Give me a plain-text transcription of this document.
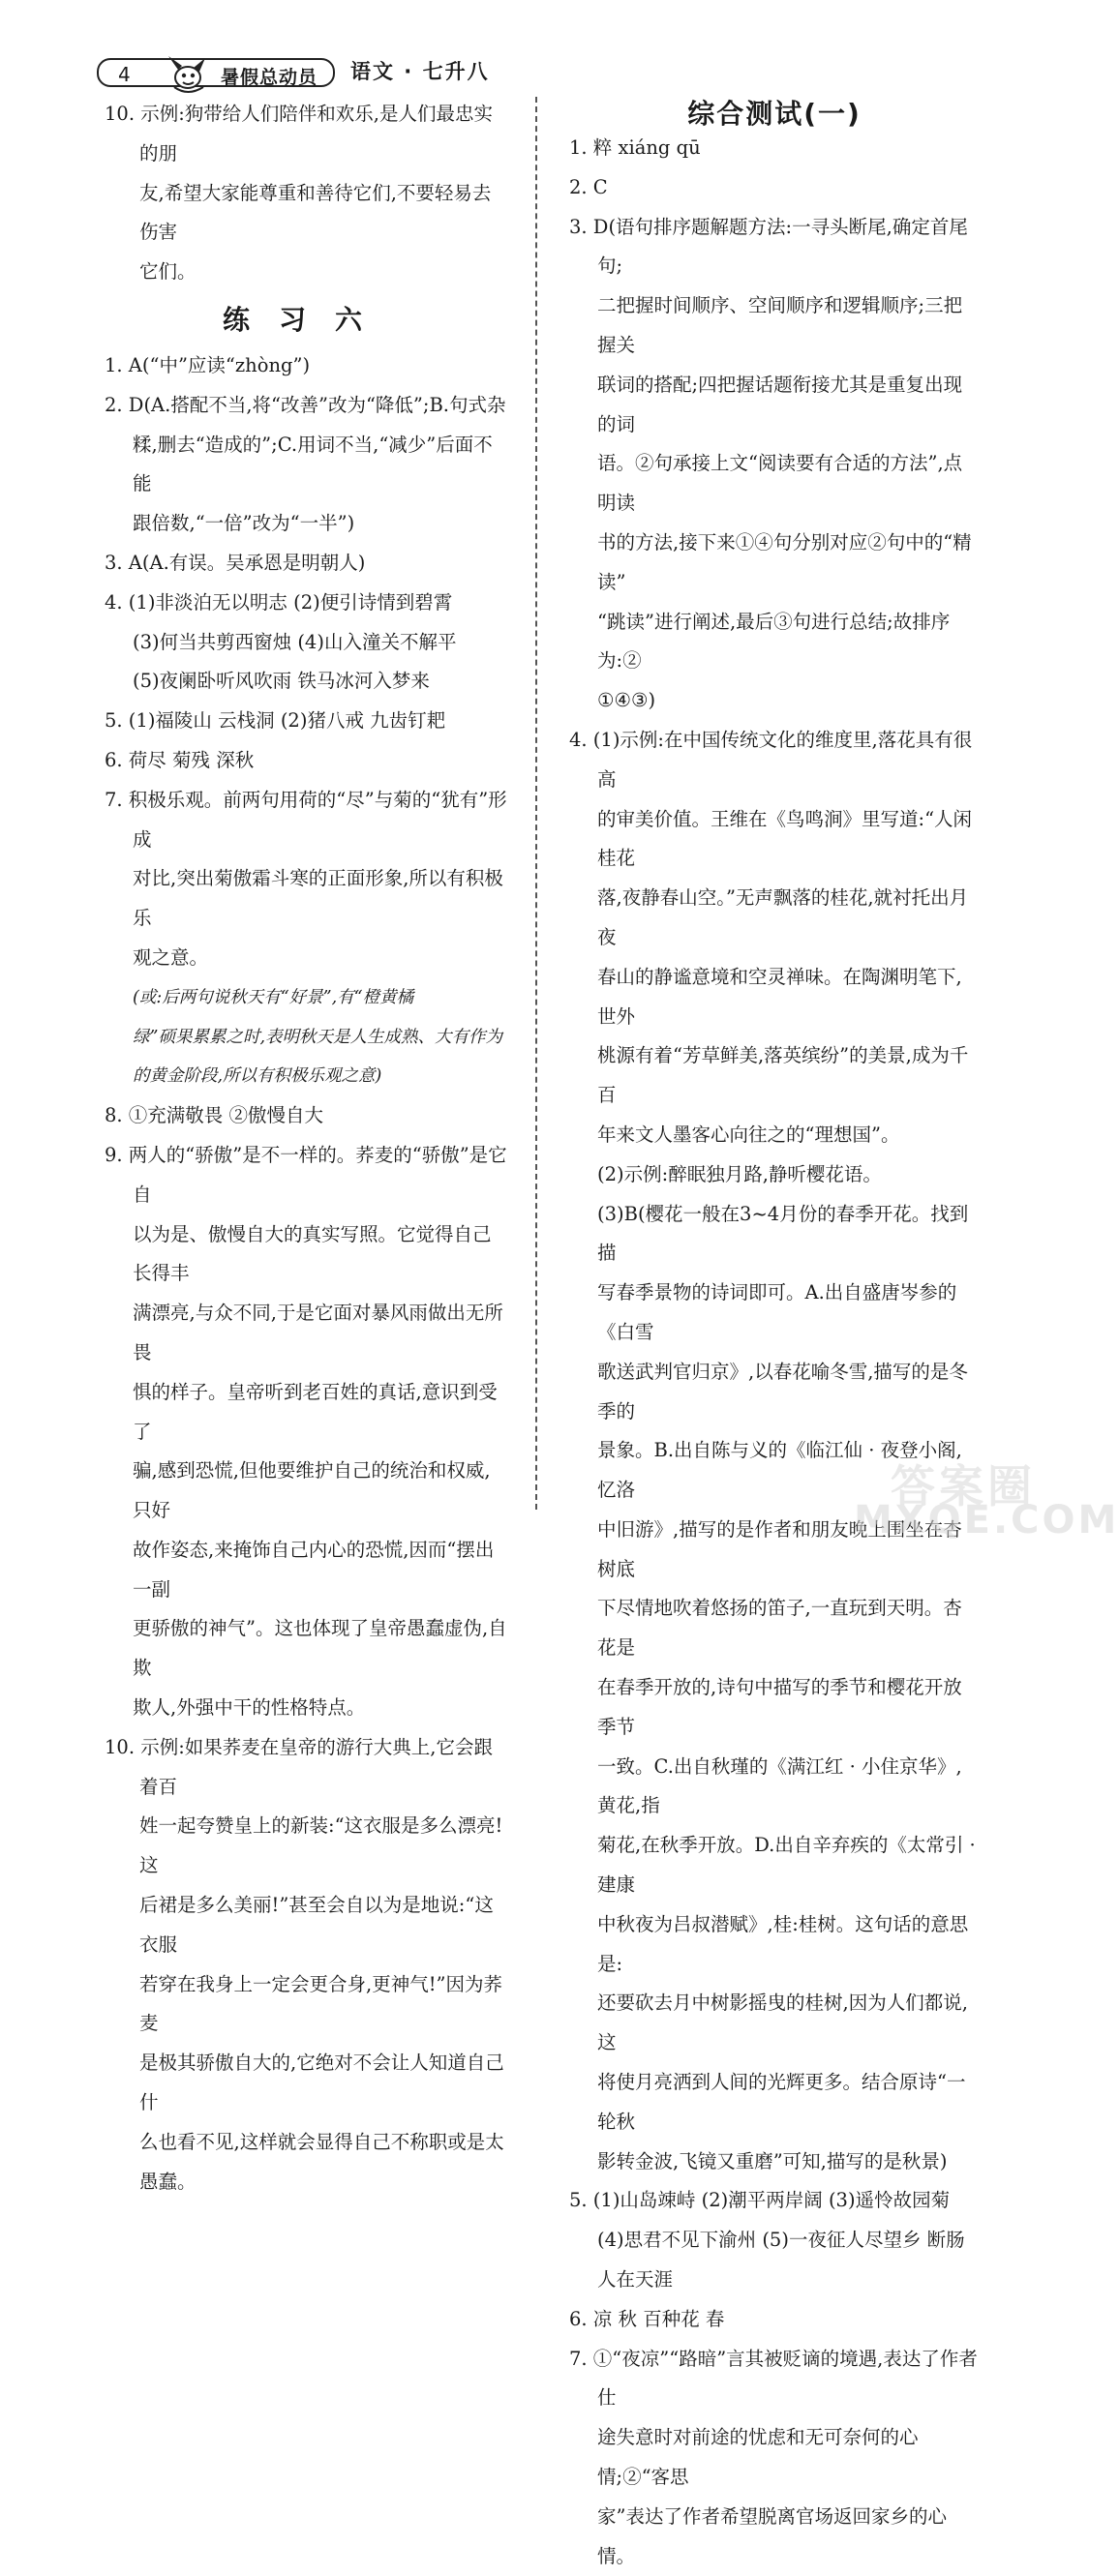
4	暑假总动员 语文 · 七升八

10. 示例:狗带给人们陪伴和欢乐,是人们最忠实的朋

友,希望大家能尊重和善待它们,不要轻易去伤害

它们。

练习六

1. A(“中”应读“zhòng”)

2. D(A.搭配不当,将“改善”改为“降低”;B.句式杂

糅,删去“造成的”;C.用词不当,“减少”后面不能

跟倍数,“一倍”改为“一半”)

3. A(A.有误。吴承恩是明朝人)

4. (1)非淡泊无以明志 (2)便引诗情到碧霄

(3)何当共剪西窗烛 (4)山入潼关不解平

(5)夜阑卧听风吹雨 铁马冰河入梦来

5. (1)福陵山 云栈洞 (2)猪八戒 九齿钉耙

6. 荷尽 菊残 深秋

7. 积极乐观。前两句用荷的“尽”与菊的“犹有”形成

对比,突出菊傲霜斗寒的正面形象,所以有积极乐

观之意。

(或:后两句说秋天有“好景”,有“橙黄橘

绿”硕果累累之时,表明秋天是人生成熟、大有作为

的黄金阶段,所以有积极乐观之意)

8. ①充满敬畏 ②傲慢自大

9. 两人的“骄傲”是不一样的。荞麦的“骄傲”是它自

以为是、傲慢自大的真实写照。它觉得自己长得丰

满漂亮,与众不同,于是它面对暴风雨做出无所畏

惧的样子。皇帝听到老百姓的真话,意识到受了

骗,感到恐慌,但他要维护自己的统治和权威,只好

故作姿态,来掩饰自己内心的恐慌,因而“摆出一副

更骄傲的神气”。这也体现了皇帝愚蠢虚伪,自欺

欺人,外强中干的性格特点。

10. 示例:如果荞麦在皇帝的游行大典上,它会跟着百

姓一起夸赞皇上的新装:“这衣服是多么漂亮!这

后裙是多么美丽!”甚至会自以为是地说:“这衣服

若穿在我身上一定会更合身,更神气!”因为荞麦

是极其骄傲自大的,它绝对不会让人知道自己什

么也看不见,这样就会显得自己不称职或是太

愚蠢。

综合测试(一)

1. 粹 xiáng qū

2. C

3. D(语句排序题解题方法:一寻头断尾,确定首尾句;

二把握时间顺序、空间顺序和逻辑顺序;三把握关

联词的搭配;四把握话题衔接尤其是重复出现的词

语。②句承接上文“阅读要有合适的方法”,点明读

书的方法,接下来①④句分别对应②句中的“精读”

“跳读”进行阐述,最后③句进行总结;故排序为:②

①④③)

4. (1)示例:在中国传统文化的维度里,落花具有很高

的审美价值。王维在《鸟鸣涧》里写道:“人闲桂花

落,夜静春山空。”无声飘落的桂花,就衬托出月夜

春山的静谧意境和空灵禅味。在陶渊明笔下,世外

桃源有着“芳草鲜美,落英缤纷”的美景,成为千百

年来文人墨客心向往之的“理想国”。

(2)示例:醉眠独月路,静听樱花语。

(3)B(樱花一般在3~4月份的春季开花。找到描

写春季景物的诗词即可。A.出自盛唐岑参的《白雪

歌送武判官归京》,以春花喻冬雪,描写的是冬季的

景象。B.出自陈与义的《临江仙 · 夜登小阁,忆洛

中旧游》,描写的是作者和朋友晚上围坐在杏树底

下尽情地吹着悠扬的笛子,一直玩到天明。杏花是

在春季开放的,诗句中描写的季节和樱花开放季节

一致。C.出自秋瑾的《满江红 · 小住京华》,黄花,指

菊花,在秋季开放。D.出自辛弃疾的《太常引 · 建康

中秋夜为吕叔潜赋》,桂:桂树。这句话的意思是:

还要砍去月中树影摇曳的桂树,因为人们都说,这

将使月亮洒到人间的光辉更多。结合原诗“一轮秋

影转金波,飞镜又重磨”可知,描写的是秋景)

5. (1)山岛竦峙 (2)潮平两岸阔 (3)遥怜故园菊

(4)思君不见下渝州 (5)一夜征人尽望乡 断肠

人在天涯

6. 凉 秋 百种花 春

7. ①“夜凉”“路暗”言其被贬谪的境遇,表达了作者仕

途失意时对前途的忧虑和无可奈何的心情;②“客思

家”表达了作者希望脱离官场返回家乡的心情。

答案圈
MXQE.COM
